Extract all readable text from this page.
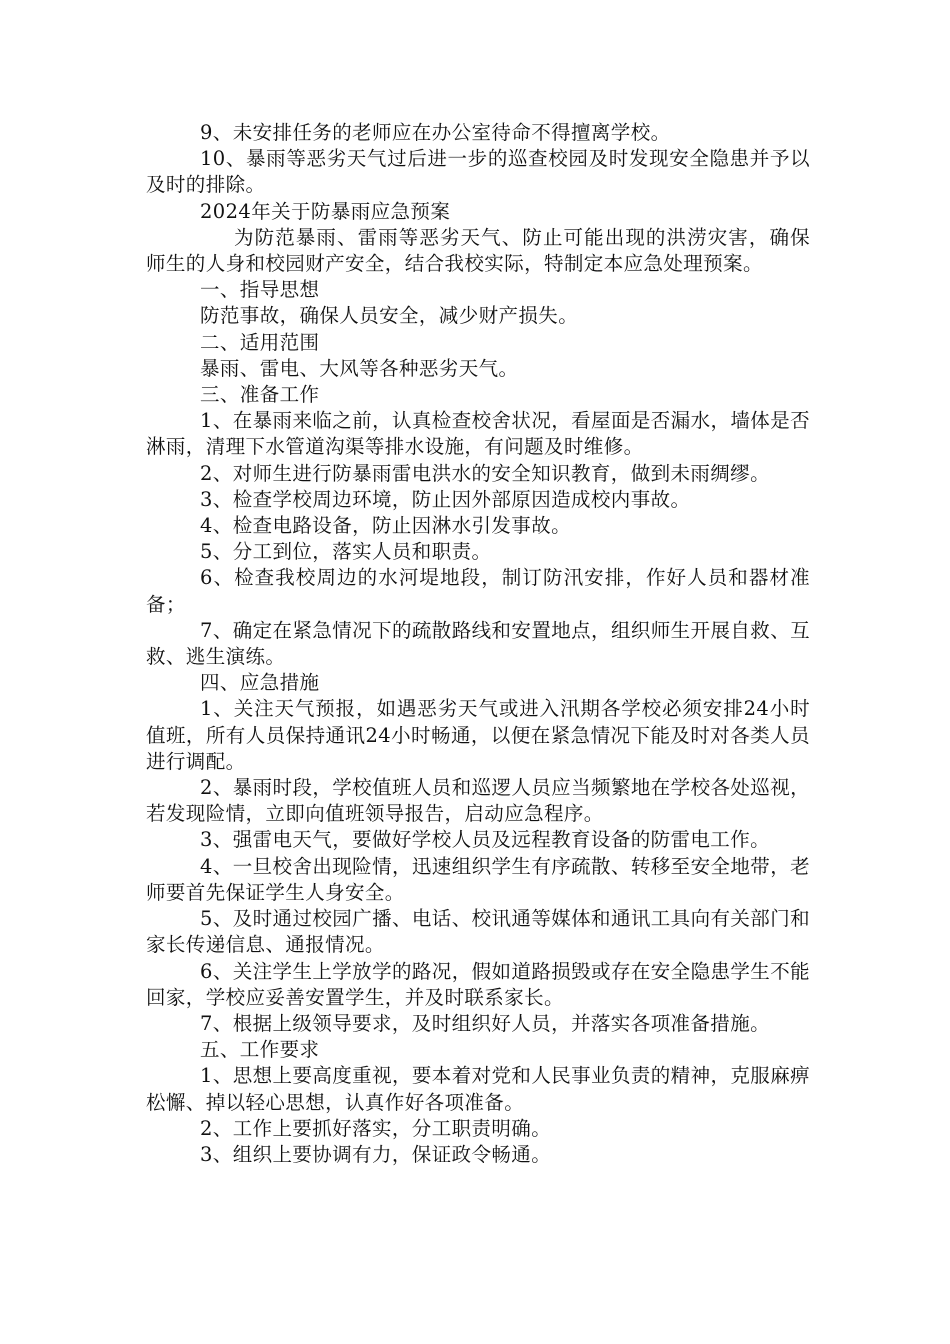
9、未安排任务的老师应在办公室待命不得擅离学校。

10、暴雨等恶劣天气过后进一步的巡查校园及时发现安全隐患并予以及时的排除。

2024年关于防暴雨应急预案

为防范暴雨、雷雨等恶劣天气、防止可能出现的洪涝灾害，确保师生的人身和校园财产安全，结合我校实际，特制定本应急处理预案。

一、指导思想

防范事故，确保人员安全，减少财产损失。

二、适用范围

暴雨、雷电、大风等各种恶劣天气。

三、准备工作

1、在暴雨来临之前，认真检查校舍状况，看屋面是否漏水，墙体是否淋雨，清理下水管道沟渠等排水设施，有问题及时维修。

2、对师生进行防暴雨雷电洪水的安全知识教育，做到未雨绸缪。

3、检查学校周边环境，防止因外部原因造成校内事故。

4、检查电路设备，防止因淋水引发事故。

5、分工到位，落实人员和职责。

6、检查我校周边的水河堤地段，制订防汛安排，作好人员和器材准备；

7、确定在紧急情况下的疏散路线和安置地点，组织师生开展自救、互救、逃生演练。

四、应急措施

1、关注天气预报，如遇恶劣天气或进入汛期各学校必须安排24小时值班，所有人员保持通讯24小时畅通，以便在紧急情况下能及时对各类人员进行调配。

2、暴雨时段，学校值班人员和巡逻人员应当频繁地在学校各处巡视，若发现险情，立即向值班领导报告，启动应急程序。

3、强雷电天气，要做好学校人员及远程教育设备的防雷电工作。

4、一旦校舍出现险情，迅速组织学生有序疏散、转移至安全地带，老师要首先保证学生人身安全。

5、及时通过校园广播、电话、校讯通等媒体和通讯工具向有关部门和家长传递信息、通报情况。

6、关注学生上学放学的路况，假如道路损毁或存在安全隐患学生不能回家，学校应妥善安置学生，并及时联系家长。

7、根据上级领导要求，及时组织好人员，并落实各项准备措施。

五、工作要求

1、思想上要高度重视，要本着对党和人民事业负责的精神，克服麻痹松懈、掉以轻心思想，认真作好各项准备。

2、工作上要抓好落实，分工职责明确。

3、组织上要协调有力，保证政令畅通。
